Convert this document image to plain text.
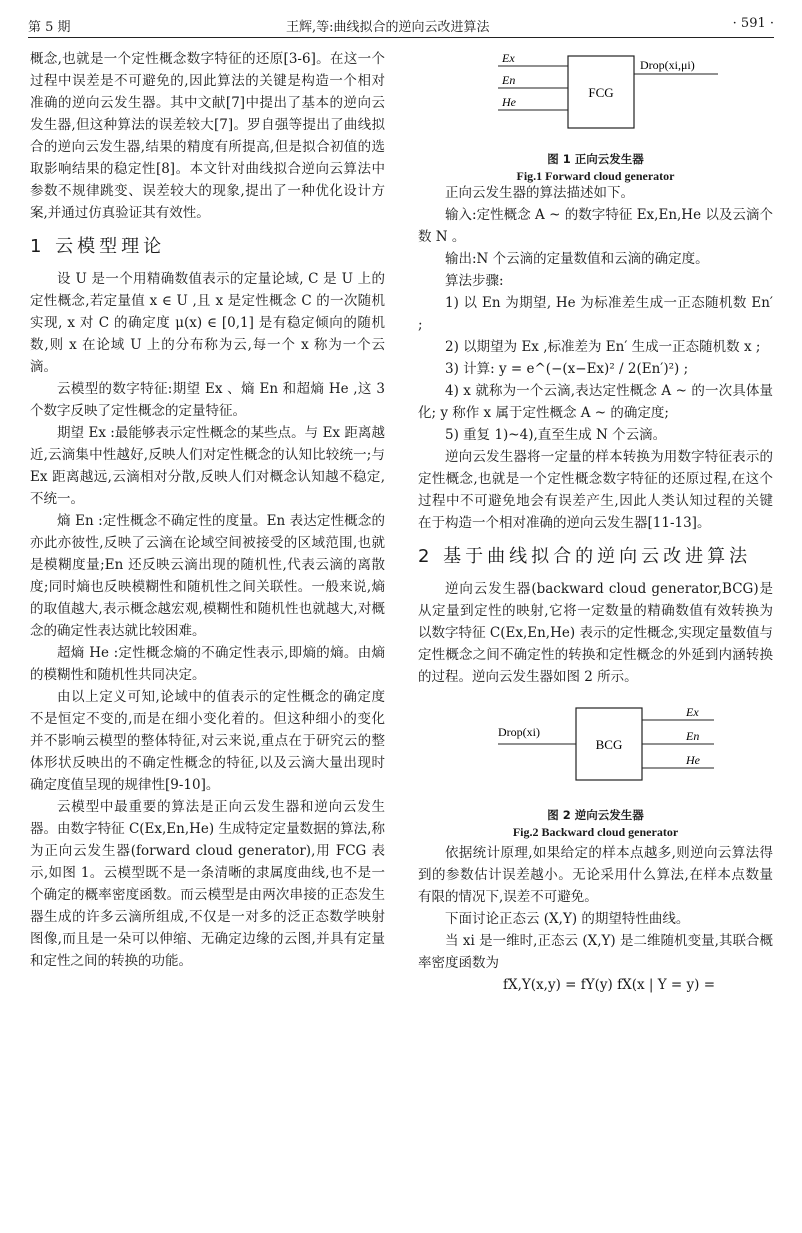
第 5 期	王辉,等:曲线拟合的逆向云改进算法	· 591 ·

概念,也就是一个定性概念数字特征的还原[3-6]。在这一个过程中误差是不可避免的,因此算法的关键是构造一个相对准确的逆向云发生器。其中文献[7]中提出了基本的逆向云发生器,但这种算法的误差较大[7]。罗自强等提出了曲线拟合的逆向云发生器,结果的精度有所提高,但是拟合初值的选取影响结果的稳定性[8]。本文针对曲线拟合逆向云算法中参数不规律跳变、误差较大的现象,提出了一种优化设计方案,并通过仿真验证其有效性。

1 云模型理论

设 U 是一个用精确数值表示的定量论域, C 是 U 上的定性概念,若定量值 x ∈ U ,且 x 是定性概念 C 的一次随机实现, x 对 C 的确定度 μ(x) ∈ [0,1] 是有稳定倾向的随机数,则 x 在论域 U 上的分布称为云,每一个 x 称为一个云滴。

云模型的数字特征:期望 Ex 、熵 En 和超熵 He ,这 3 个数字反映了定性概念的定量特征。

期望 Ex :最能够表示定性概念的某些点。与 Ex 距离越近,云滴集中性越好,反映人们对定性概念的认知比较统一;与 Ex 距离越远,云滴相对分散,反映人们对概念认知越不稳定,不统一。

熵 En :定性概念不确定性的度量。En 表达定性概念的亦此亦彼性,反映了云滴在论域空间被接受的区域范围,也就是模糊度量;En 还反映云滴出现的随机性,代表云滴的离散度;同时熵也反映模糊性和随机性之间关联性。一般来说,熵的取值越大,表示概念越宏观,模糊性和随机性也就越大,对概念的确定性表达就比较困难。

超熵 He :定性概念熵的不确定性表示,即熵的熵。由熵的模糊性和随机性共同决定。

由以上定义可知,论域中的值表示的定性概念的确定度不是恒定不变的,而是在细小变化着的。但这种细小的变化并不影响云模型的整体特征,对云来说,重点在于研究云的整体形状反映出的不确定性概念的特征,以及云滴大量出现时确定度值呈现的规律性[9-10]。

云模型中最重要的算法是正向云发生器和逆向云发生器。由数字特征 C(Ex,En,He) 生成特定定量数据的算法,称为正向云发生器(forward cloud generator),用 FCG 表示,如图 1。云模型既不是一条清晰的隶属度曲线,也不是一个确定的概率密度函数。而云模型是由两次串接的正态发生器生成的许多云滴所组成,不仅是一对多的泛正态数学映射图像,而且是一朵可以伸缩、无确定边缘的云图,并具有定量和定性之间的转换的功能。

FCG
Ex
En
He
Drop(xi,μi)
图 1 正向云发生器
Fig.1 Forward cloud generator

正向云发生器的算法描述如下。

输入:定性概念 A ~ 的数字特征 Ex,En,He 以及云滴个数 N 。

输出:N 个云滴的定量数值和云滴的确定度。

算法步骤:

1) 以 En 为期望, He 为标准差生成一正态随机数 En′ ;

2) 以期望为 Ex ,标准差为 En′ 生成一正态随机数 x ;

3) 计算: y = e^(−(x−Ex)² / 2(En′)²) ;

4) x 就称为一个云滴,表达定性概念 A ~ 的一次具体量化; y 称作 x 属于定性概念 A ~ 的确定度;

5) 重复 1)~4),直至生成 N 个云滴。

逆向云发生器将一定量的样本转换为用数字特征表示的定性概念,也就是一个定性概念数字特征的还原过程,在这个过程中不可避免地会有误差产生,因此人类认知过程的关键在于构造一个相对准确的逆向云发生器[11-13]。

2 基于曲线拟合的逆向云改进算法

逆向云发生器(backward cloud generator,BCG)是从定量到定性的映射,它将一定数量的精确数值有效转换为以数字特征 C(Ex,En,He) 表示的定性概念,实现定量数值与定性概念之间不确定性的转换和定性概念的外延到内涵转换的过程。逆向云发生器如图 2 所示。

BCG
Drop(xi)
Ex
En
He
图 2 逆向云发生器
Fig.2 Backward cloud generator

依据统计原理,如果给定的样本点越多,则逆向云算法得到的参数估计误差越小。无论采用什么算法,在样本点数量有限的情况下,误差不可避免。

下面讨论正态云 (X,Y) 的期望特性曲线。

当 xi 是一维时,正态云 (X,Y) 是二维随机变量,其联合概率密度函数为

fX,Y(x,y) = fY(y) fX(x | Y = y) =
